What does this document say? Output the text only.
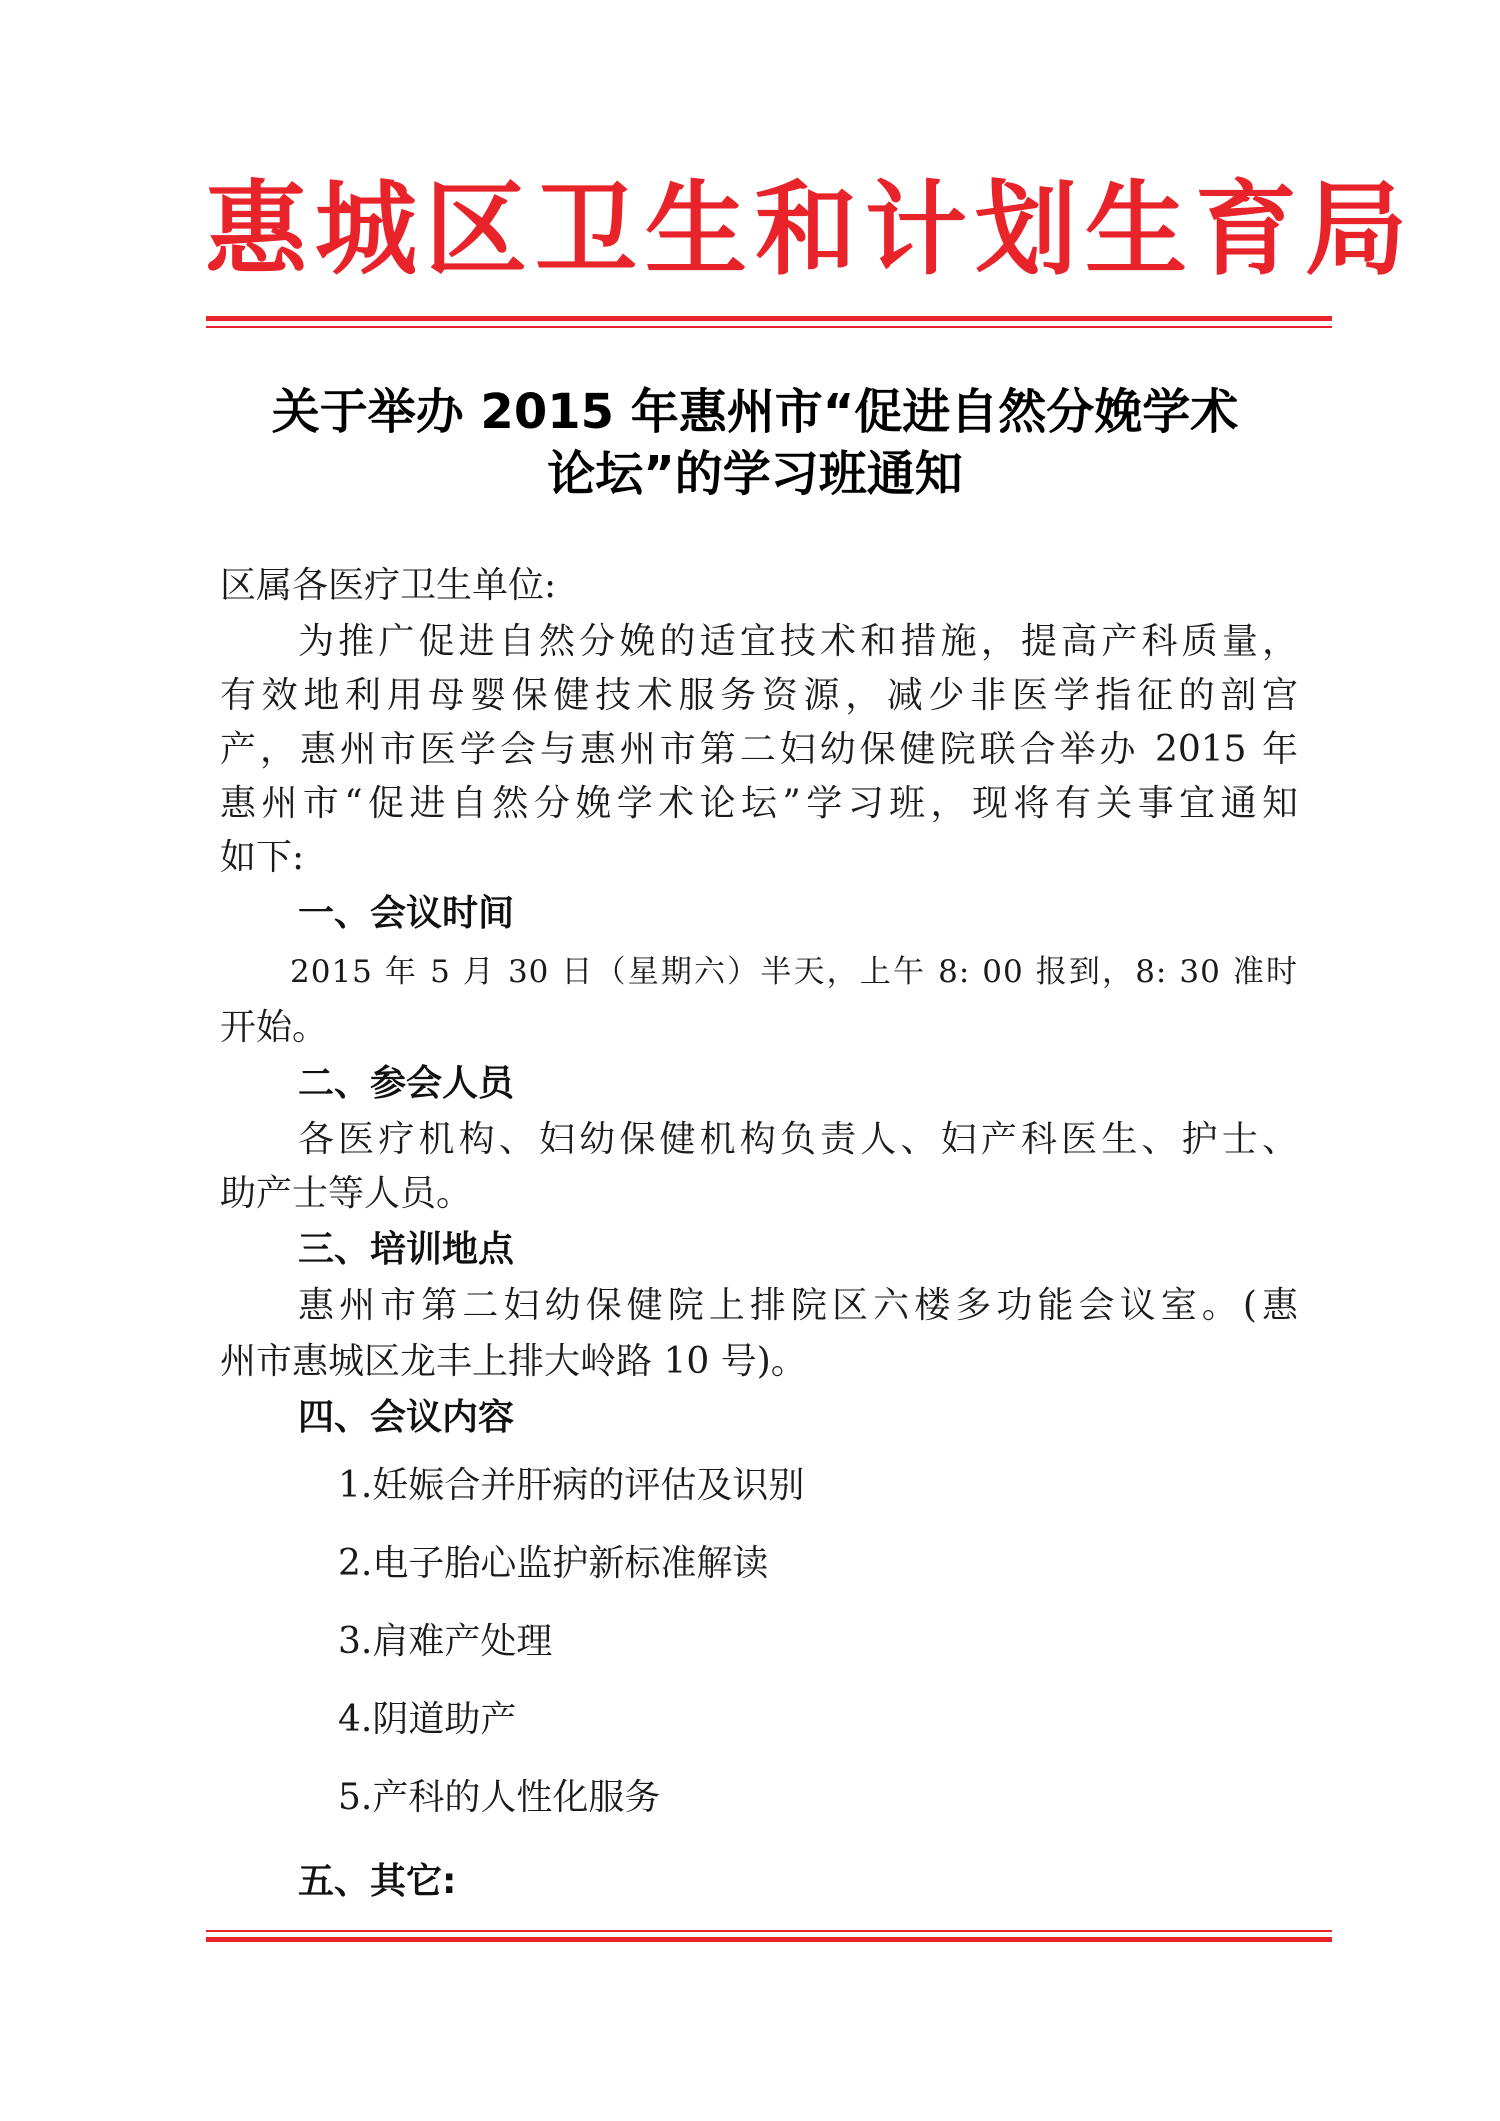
惠城区卫生和计划生育局
关于举办 2015 年惠州市“促进自然分娩学术
论坛”的学习班通知
区属各医疗卫生单位:
为推广促进自然分娩的适宜技术和措施，提高产科质量，
有效地利用母婴保健技术服务资源，减少非医学指征的剖宫
产，惠州市医学会与惠州市第二妇幼保健院联合举办 2015 年
惠州市“促进自然分娩学术论坛”学习班，现将有关事宜通知
如下:
一、会议时间
2015 年 5 月 30 日（星期六）半天，上午 8: 00 报到，8: 30 准时
开始。
二、参会人员
各医疗机构、妇幼保健机构负责人、妇产科医生、护士、
助产士等人员。
三、培训地点
惠州市第二妇幼保健院上排院区六楼多功能会议室。(惠
州市惠城区龙丰上排大岭路 10 号)。
四、会议内容
1.妊娠合并肝病的评估及识别
2.电子胎心监护新标准解读
3.肩难产处理
4.阴道助产
5.产科的人性化服务
五、其它:
